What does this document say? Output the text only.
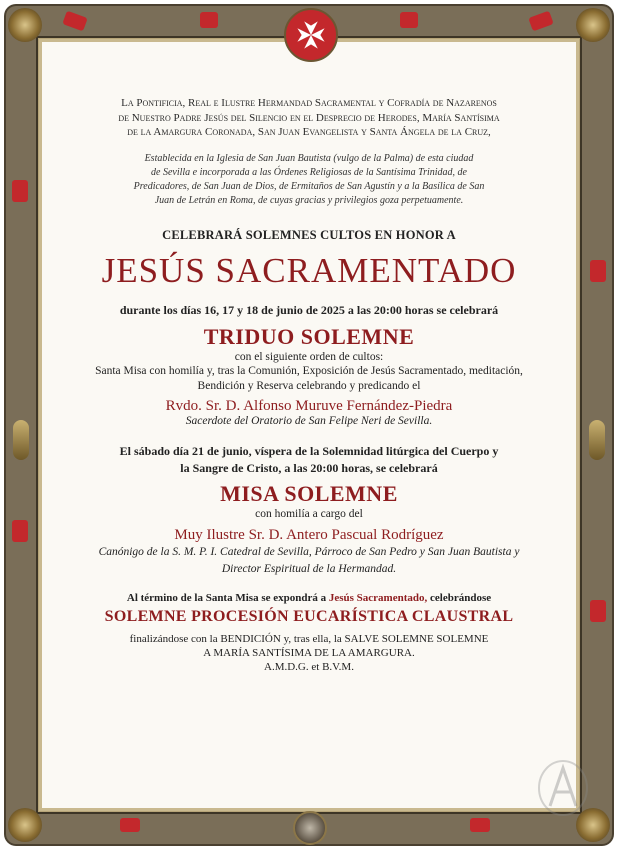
La Pontificia, Real e Ilustre Hermandad Sacramental y Cofradía de Nazarenos
de Nuestro Padre Jesús del Silencio en el Desprecio de Herodes, María Santísima
de la Amargura Coronada, San Juan Evangelista y Santa Ángela de la Cruz,
Establecida en la Iglesia de San Juan Bautista (vulgo de la Palma) de esta ciudad
de Sevilla e incorporada a las Órdenes Religiosas de la Santísima Trinidad, de
Predicadores, de San Juan de Dios, de Ermitaños de San Agustín y a la Basílica de San
Juan de Letrán en Roma, de cuyas gracias y privilegios goza perpetuamente.
CELEBRARÁ SOLEMNES CULTOS EN HONOR A
JESÚS SACRAMENTADO
durante los días 16, 17 y 18 de junio de 2025 a las 20:00 horas se celebrará
TRIDUO SOLEMNE
con el siguiente orden de cultos:
Santa Misa con homilía y, tras la Comunión, Exposición de Jesús Sacramentado, meditación,
Bendición y Reserva celebrando y predicando el
Rvdo. Sr. D. Alfonso Muruve Fernández-Piedra
Sacerdote del Oratorio de San Felipe Neri de Sevilla.
El sábado día 21 de junio, víspera de la Solemnidad litúrgica del Cuerpo y
la Sangre de Cristo, a las 20:00 horas, se celebrará
MISA SOLEMNE
con homilía a cargo del
Muy Ilustre Sr. D. Antero Pascual Rodríguez
Canónigo de la S. M. P. I. Catedral de Sevilla, Párroco de San Pedro y San Juan Bautista y
Director Espiritual de la Hermandad.
Al término de la Santa Misa se expondrá a Jesús Sacramentado, celebrándose
SOLEMNE PROCESIÓN EUCARÍSTICA CLAUSTRAL
finalizándose con la BENDICIÓN y, tras ella, la SALVE SOLEMNE SOLEMNE
A MARÍA SANTÍSIMA DE LA AMARGURA.
A.M.D.G. et B.V.M.
